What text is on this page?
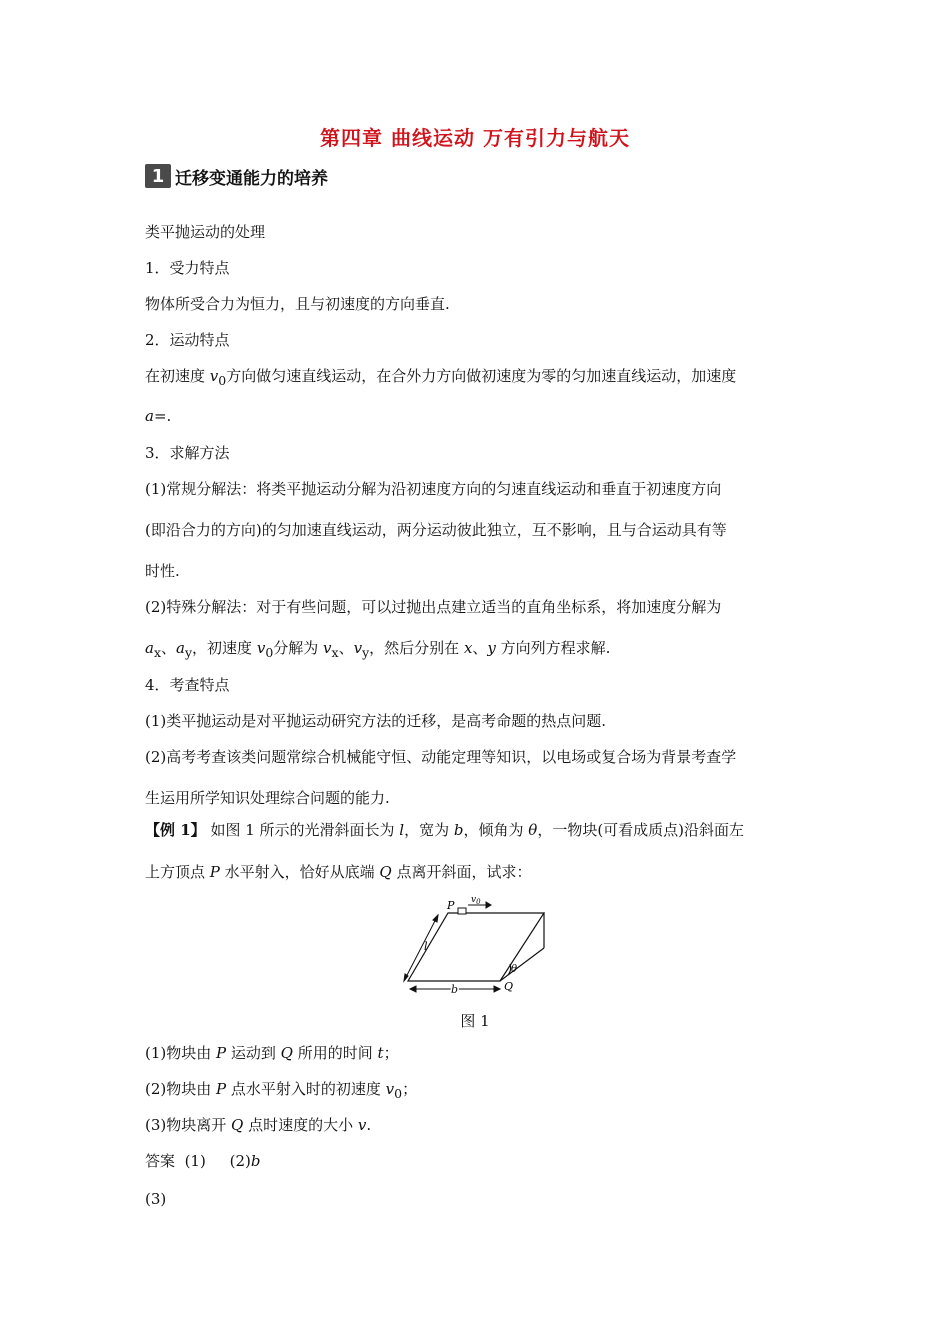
第四章 曲线运动 万有引力与航天
1 迁移变通能力的培养
类平抛运动的处理
1．受力特点
物体所受合力为恒力，且与初速度的方向垂直.
2．运动特点
在初速度 $v_0$方向做匀速直线运动，在合外力方向做初速度为零的匀加速直线运动，加速度
a=.
3．求解方法
(1)常规分解法：将类平抛运动分解为沿初速度方向的匀速直线运动和垂直于初速度方向
(即沿合力的方向)的匀加速直线运动，两分运动彼此独立，互不影响，且与合运动具有等
时性.
(2)特殊分解法：对于有些问题，可以过抛出点建立适当的直角坐标系，将加速度分解为
$a_x$、$a_y$，初速度 $v_0$分解为 $v_x$、$v_y$，然后分别在 x、y 方向列方程求解.
4．考查特点
(1)类平抛运动是对平抛运动研究方法的迁移，是高考命题的热点问题.
(2)高考考查该类问题常综合机械能守恒、动能定理等知识，以电场或复合场为背景考查学
生运用所学知识处理综合问题的能力.
【例 1】 如图 1 所示的光滑斜面长为 l，宽为 b，倾角为 θ，一物块(可看成质点)沿斜面左
上方顶点 P 水平射入，恰好从底端 Q 点离开斜面，试求：
P $v_0$
l
θ
b	Q
图 1
(1)物块由 P 运动到 Q 所用的时间 t；
(2)物块由 P 点水平射入时的初速度 $v_0$；
(3)物块离开 Q 点时速度的大小 v.
答案 (1) (2)b
(3)
